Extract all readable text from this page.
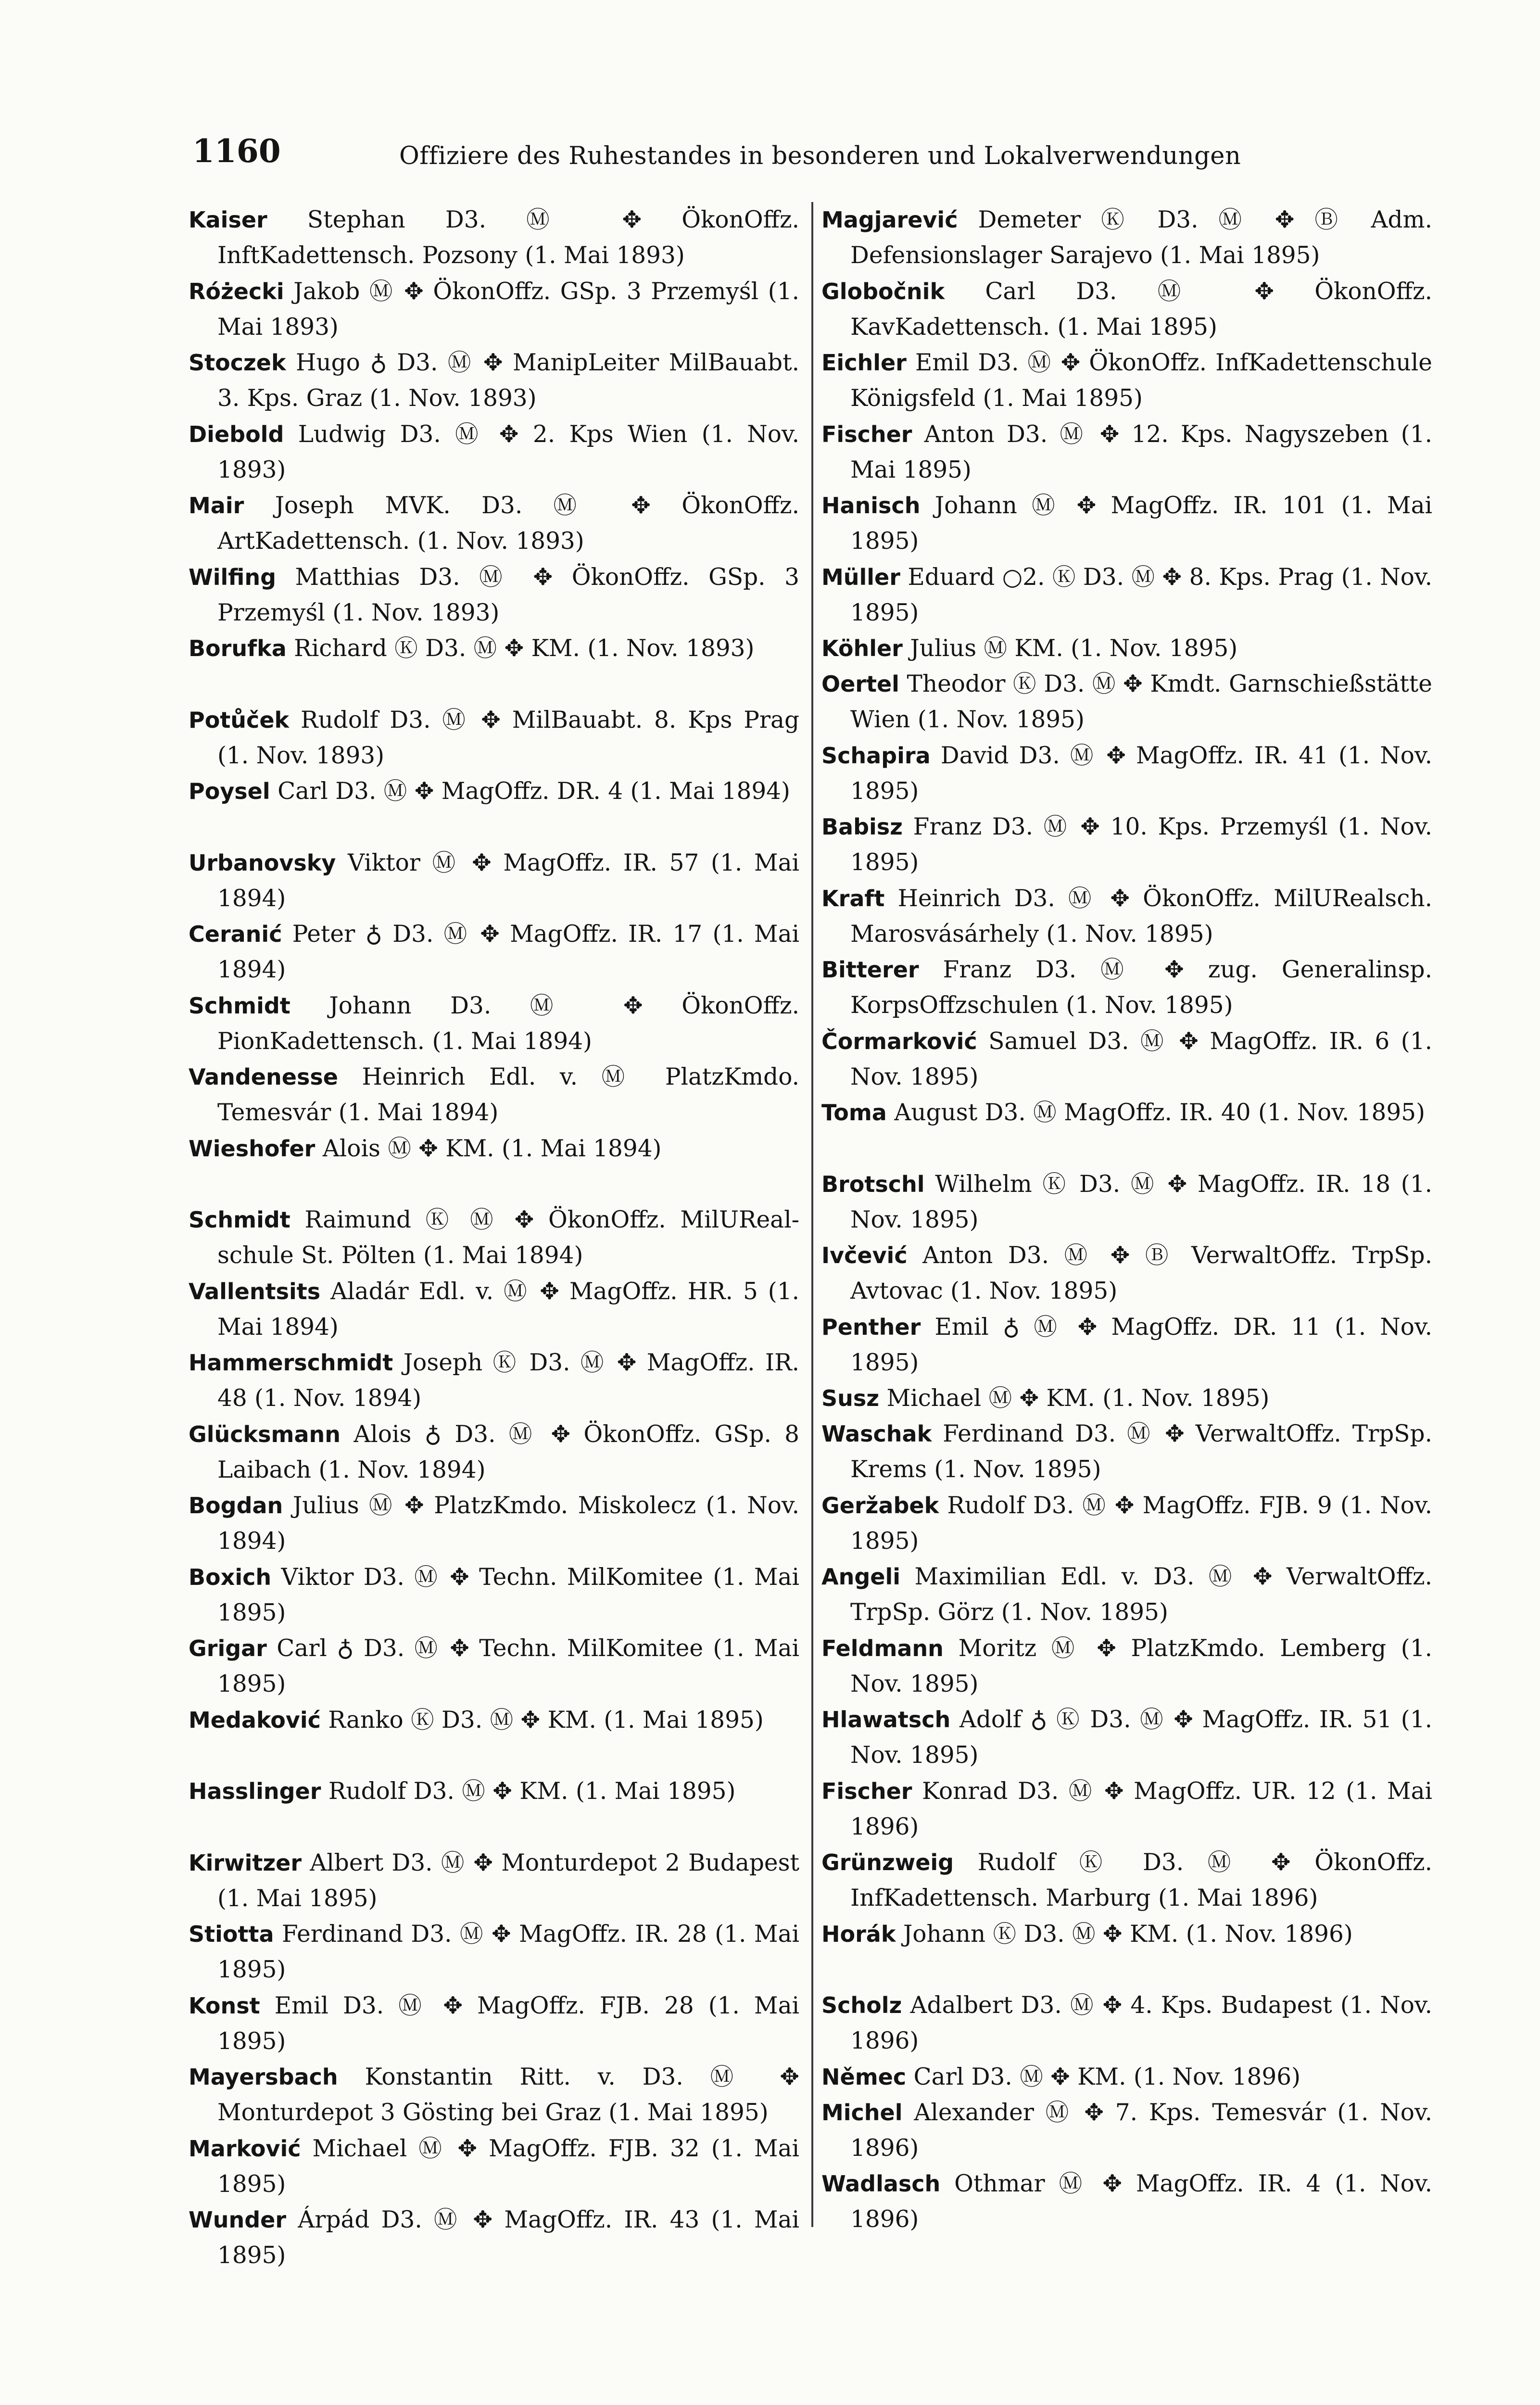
1160	Offiziere des Ruhestandes in besonderen und Lokalverwendungen
Kaiser Stephan D3. Ⓜ ✥ ÖkonOffz. InftKadettensch. Pozsony (1. Mai 1893)
Różecki Jakob Ⓜ ✥ ÖkonOffz. GSp. 3 Przemyśl (1. Mai 1893)
Stoczek Hugo ♁ D3. Ⓜ ✥ ManipLeiter MilBauabt. 3. Kps. Graz (1. Nov. 1893)
Diebold Ludwig D3. Ⓜ ✥ 2. Kps Wien (1. Nov. 1893)
Mair Joseph MVK. D3. Ⓜ ✥ ÖkonOffz. ArtKadettensch. (1. Nov. 1893)
Wilfing Matthias D3. Ⓜ ✥ ÖkonOffz. GSp. 3 Przemyśl (1. Nov. 1893)
Borufka Richard Ⓚ D3. Ⓜ ✥ KM. (1. Nov. 1893)
Potůček Rudolf D3. Ⓜ ✥ MilBauabt. 8. Kps Prag (1. Nov. 1893)
Poysel Carl D3. Ⓜ ✥ MagOffz. DR. 4 (1. Mai 1894)
Urbanovsky Viktor Ⓜ ✥ MagOffz. IR. 57 (1. Mai 1894)
Ceranić Peter ♁ D3. Ⓜ ✥ MagOffz. IR. 17 (1. Mai 1894)
Schmidt Johann D3. Ⓜ ✥ ÖkonOffz. PionKadettensch. (1. Mai 1894)
Vandenesse Heinrich Edl. v. Ⓜ PlatzKmdo. Temesvár (1. Mai 1894)
Wieshofer Alois Ⓜ ✥ KM. (1. Mai 1894)
Schmidt Raimund Ⓚ Ⓜ ✥ ÖkonOffz. MilURealschule St. Pölten (1. Mai 1894)
Vallentsits Aladár Edl. v. Ⓜ ✥ MagOffz. HR. 5 (1. Mai 1894)
Hammerschmidt Joseph Ⓚ D3. Ⓜ ✥ MagOffz. IR. 48 (1. Nov. 1894)
Glücksmann Alois ♁ D3. Ⓜ ✥ ÖkonOffz. GSp. 8 Laibach (1. Nov. 1894)
Bogdan Julius Ⓜ ✥ PlatzKmdo. Miskolecz (1. Nov. 1894)
Boxich Viktor D3. Ⓜ ✥ Techn. MilKomitee (1. Mai 1895)
Grigar Carl ♁ D3. Ⓜ ✥ Techn. MilKomitee (1. Mai 1895)
Medaković Ranko Ⓚ D3. Ⓜ ✥ KM. (1. Mai 1895)
Hasslinger Rudolf D3. Ⓜ ✥ KM. (1. Mai 1895)
Kirwitzer Albert D3. Ⓜ ✥ Monturdepot 2 Budapest (1. Mai 1895)
Stiotta Ferdinand D3. Ⓜ ✥ MagOffz. IR. 28 (1. Mai 1895)
Konst Emil D3. Ⓜ ✥ MagOffz. FJB. 28 (1. Mai 1895)
Mayersbach Konstantin Ritt. v. D3. Ⓜ ✥ Monturdepot 3 Gösting bei Graz (1. Mai 1895)
Marković Michael Ⓜ ✥ MagOffz. FJB. 32 (1. Mai 1895)
Wunder Árpád D3. Ⓜ ✥ MagOffz. IR. 43 (1. Mai 1895)
Magjarević Demeter Ⓚ D3. Ⓜ ✥ Ⓑ Adm. Defensionslager Sarajevo (1. Mai 1895)
Globočnik Carl D3. Ⓜ ✥ ÖkonOffz. KavKadettensch. (1. Mai 1895)
Eichler Emil D3. Ⓜ ✥ ÖkonOffz. InfKadettenschule Königsfeld (1. Mai 1895)
Fischer Anton D3. Ⓜ ✥ 12. Kps. Nagyszeben (1. Mai 1895)
Hanisch Johann Ⓜ ✥ MagOffz. IR. 101 (1. Mai 1895)
Müller Eduard ○2. Ⓚ D3. Ⓜ ✥ 8. Kps. Prag (1. Nov. 1895)
Köhler Julius Ⓜ KM. (1. Nov. 1895)
Oertel Theodor Ⓚ D3. Ⓜ ✥ Kmdt. Garnschießstätte Wien (1. Nov. 1895)
Schapira David D3. Ⓜ ✥ MagOffz. IR. 41 (1. Nov. 1895)
Babisz Franz D3. Ⓜ ✥ 10. Kps. Przemyśl (1. Nov. 1895)
Kraft Heinrich D3. Ⓜ ✥ ÖkonOffz. MilURealsch. Marosvásárhely (1. Nov. 1895)
Bitterer Franz D3. Ⓜ ✥ zug. Generalinsp. KorpsOffzschulen (1. Nov. 1895)
Čormarković Samuel D3. Ⓜ ✥ MagOffz. IR. 6 (1. Nov. 1895)
Toma August D3. Ⓜ MagOffz. IR. 40 (1. Nov. 1895)
Brotschl Wilhelm Ⓚ D3. Ⓜ ✥ MagOffz. IR. 18 (1. Nov. 1895)
Ivčević Anton D3. Ⓜ ✥ Ⓑ VerwaltOffz. TrpSp. Avtovac (1. Nov. 1895)
Penther Emil ♁ Ⓜ ✥ MagOffz. DR. 11 (1. Nov. 1895)
Susz Michael Ⓜ ✥ KM. (1. Nov. 1895)
Waschak Ferdinand D3. Ⓜ ✥ VerwaltOffz. TrpSp. Krems (1. Nov. 1895)
Geržabek Rudolf D3. Ⓜ ✥ MagOffz. FJB. 9 (1. Nov. 1895)
Angeli Maximilian Edl. v. D3. Ⓜ ✥ VerwaltOffz. TrpSp. Görz (1. Nov. 1895)
Feldmann Moritz Ⓜ ✥ PlatzKmdo. Lemberg (1. Nov. 1895)
Hlawatsch Adolf ♁ Ⓚ D3. Ⓜ ✥ MagOffz. IR. 51 (1. Nov. 1895)
Fischer Konrad D3. Ⓜ ✥ MagOffz. UR. 12 (1. Mai 1896)
Grünzweig Rudolf Ⓚ D3. Ⓜ ✥ ÖkonOffz. InfKadettensch. Marburg (1. Mai 1896)
Horák Johann Ⓚ D3. Ⓜ ✥ KM. (1. Nov. 1896)
Scholz Adalbert D3. Ⓜ ✥ 4. Kps. Budapest (1. Nov. 1896)
Němec Carl D3. Ⓜ ✥ KM. (1. Nov. 1896)
Michel Alexander Ⓜ ✥ 7. Kps. Temesvár (1. Nov. 1896)
Wadlasch Othmar Ⓜ ✥ MagOffz. IR. 4 (1. Nov. 1896)
